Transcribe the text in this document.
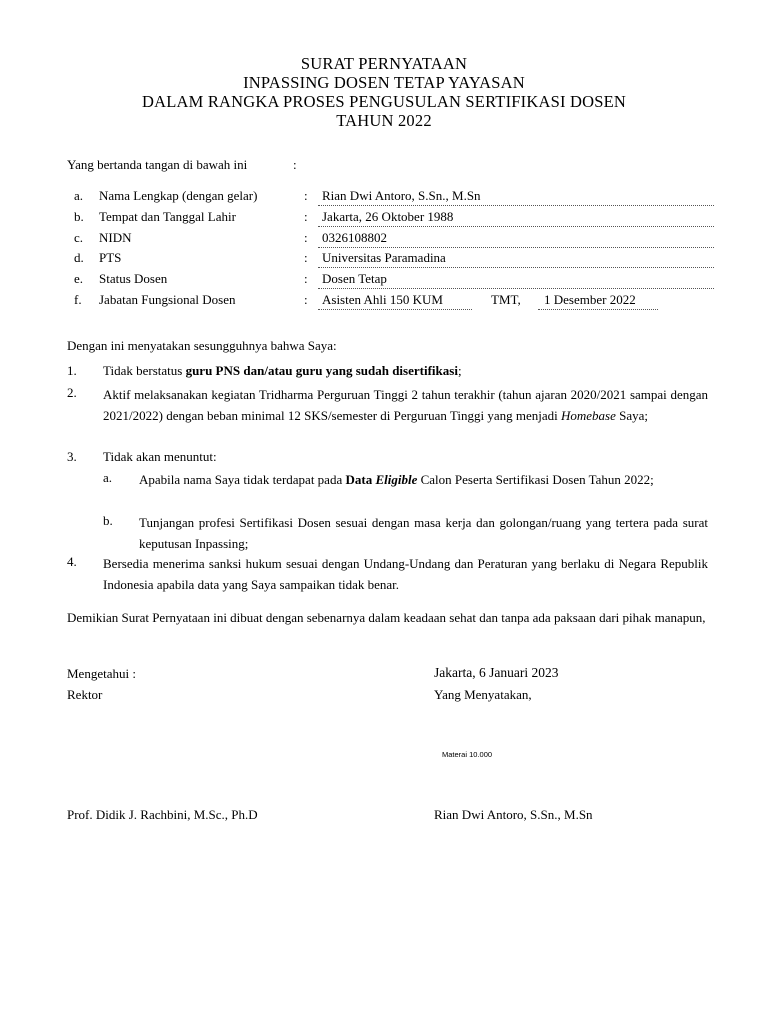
SURAT PERNYATAAN
INPASSING DOSEN TETAP YAYASAN
DALAM RANGKA PROSES PENGUSULAN SERTIFIKASI DOSEN
TAHUN 2022
Yang bertanda tangan di bawah ini	:
a. Nama Lengkap (dengan gelar)	: Rian Dwi Antoro, S.Sn., M.Sn
b. Tempat dan Tanggal Lahir	: Jakarta, 26 Oktober 1988
c. NIDN	: 0326108802
d. PTS	: Universitas Paramadina
e. Status Dosen	: Dosen Tetap
f. Jabatan Fungsional Dosen	: Asisten Ahli 150 KUM	TMT, 1 Desember 2022
Dengan ini menyatakan sesungguhnya bahwa Saya:
1. Tidak berstatus guru PNS dan/atau guru yang sudah disertifikasi;
2. Aktif melaksanakan kegiatan Tridharma Perguruan Tinggi 2 tahun terakhir (tahun ajaran 2020/2021 sampai dengan 2021/2022) dengan beban minimal 12 SKS/semester di Perguruan Tinggi yang menjadi Homebase Saya;
3. Tidak akan menuntut:
a. Apabila nama Saya tidak terdapat pada Data Eligible Calon Peserta Sertifikasi Dosen Tahun 2022;
b. Tunjangan profesi Sertifikasi Dosen sesuai dengan masa kerja dan golongan/ruang yang tertera pada surat keputusan Inpassing;
4. Bersedia menerima sanksi hukum sesuai dengan Undang-Undang dan Peraturan yang berlaku di Negara Republik Indonesia apabila data yang Saya sampaikan tidak benar.
Demikian Surat Pernyataan ini dibuat dengan sebenarnya dalam keadaan sehat dan tanpa ada paksaan dari pihak manapun,
Mengetahui :
Rektor
Prof. Didik J. Rachbini, M.Sc., Ph.D
Jakarta, 6 Januari 2023
Yang Menyatakan,
Materai 10.000
Rian Dwi Antoro, S.Sn., M.Sn
